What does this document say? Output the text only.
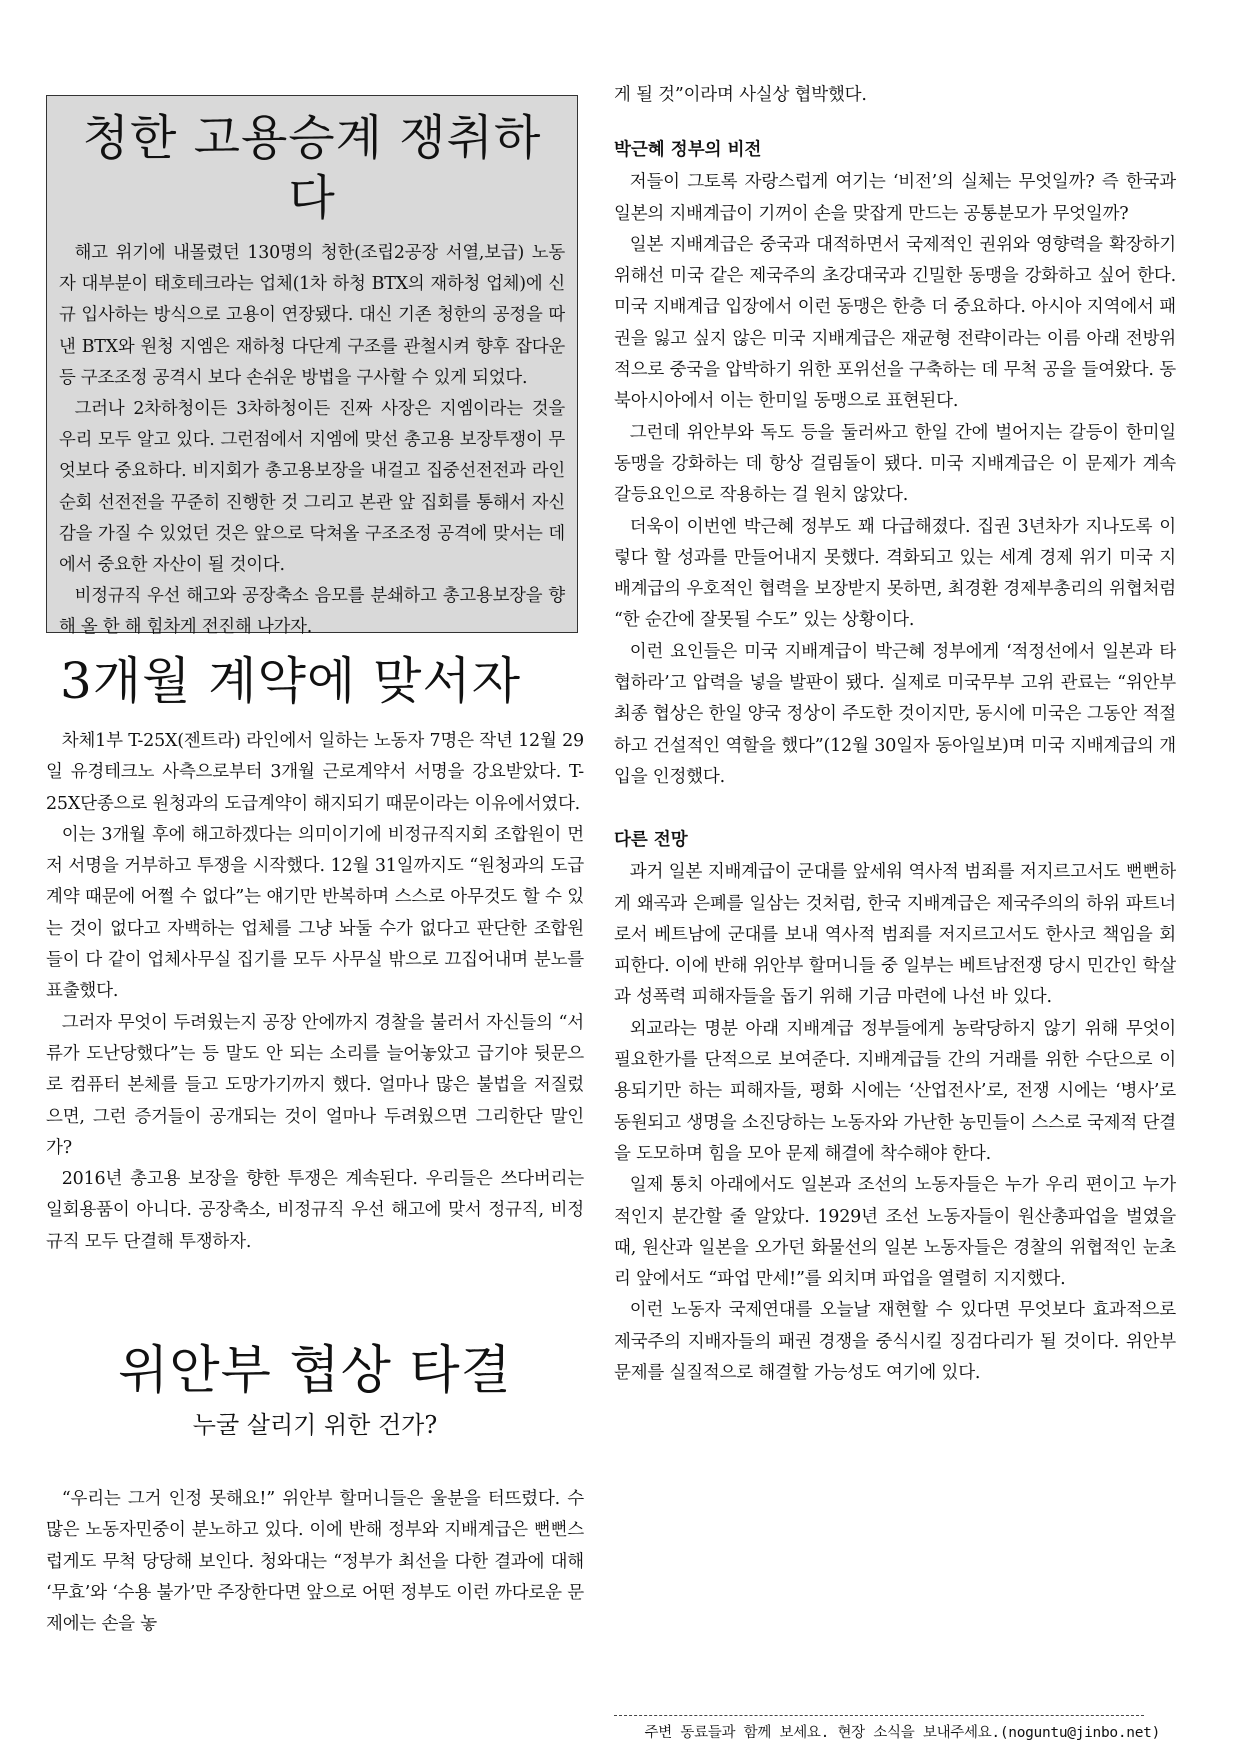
청한 고용승계 쟁취하다

해고 위기에 내몰렸던 130명의 청한(조립2공장 서열,보급) 노동자 대부분이 태호테크라는 업체(1차 하청 BTX의 재하청 업체)에 신규 입사하는 방식으로 고용이 연장됐다. 대신 기존 청한의 공정을 따낸 BTX와 원청 지엠은 재하청 다단계 구조를 관철시켜 향후 잡다운 등 구조조정 공격시 보다 손쉬운 방법을 구사할 수 있게 되었다.

그러나 2차하청이든 3차하청이든 진짜 사장은 지엠이라는 것을 우리 모두 알고 있다. 그런점에서 지엠에 맞선 총고용 보장투쟁이 무엇보다 중요하다. 비지회가 총고용보장을 내걸고 집중선전전과 라인순회 선전전을 꾸준히 진행한 것 그리고 본관 앞 집회를 통해서 자신감을 가질 수 있었던 것은 앞으로 닥쳐올 구조조정 공격에 맞서는 데에서 중요한 자산이 될 것이다.

비정규직 우선 해고와 공장축소 음모를 분쇄하고 총고용보장을 향해 올 한 해 힘차게 전진해 나가자.

3개월 계약에 맞서자

차체1부 T-25X(젠트라) 라인에서 일하는 노동자 7명은 작년 12월 29일 유경테크노 사측으로부터 3개월 근로계약서 서명을 강요받았다. T-25X단종으로 원청과의 도급계약이 해지되기 때문이라는 이유에서였다.

이는 3개월 후에 해고하겠다는 의미이기에 비정규직지회 조합원이 먼저 서명을 거부하고 투쟁을 시작했다. 12월 31일까지도 “원청과의 도급계약 때문에 어쩔 수 없다”는 얘기만 반복하며 스스로 아무것도 할 수 있는 것이 없다고 자백하는 업체를 그냥 놔둘 수가 없다고 판단한 조합원들이 다 같이 업체사무실 집기를 모두 사무실 밖으로 끄집어내며 분노를 표출했다.

그러자 무엇이 두려웠는지 공장 안에까지 경찰을 불러서 자신들의 “서류가 도난당했다”는 등 말도 안 되는 소리를 늘어놓았고 급기야 뒷문으로 컴퓨터 본체를 들고 도망가기까지 했다. 얼마나 많은 불법을 저질렀으면, 그런 증거들이 공개되는 것이 얼마나 두려웠으면 그리한단 말인가?

2016년 총고용 보장을 향한 투쟁은 계속된다. 우리들은 쓰다버리는 일회용품이 아니다. 공장축소, 비정규직 우선 해고에 맞서 정규직, 비정규직 모두 단결해 투쟁하자.

위안부 협상 타결
누굴 살리기 위한 건가?

“우리는 그거 인정 못해요!” 위안부 할머니들은 울분을 터뜨렸다. 수많은 노동자민중이 분노하고 있다. 이에 반해 정부와 지배계급은 뻔뻔스럽게도 무척 당당해 보인다. 청와대는 “정부가 최선을 다한 결과에 대해 ‘무효’와 ‘수용 불가’만 주장한다면 앞으로 어떤 정부도 이런 까다로운 문제에는 손을 놓

게 될 것”이라며 사실상 협박했다.

박근혜 정부의 비전

저들이 그토록 자랑스럽게 여기는 ‘비전’의 실체는 무엇일까? 즉 한국과 일본의 지배계급이 기꺼이 손을 맞잡게 만드는 공통분모가 무엇일까?

일본 지배계급은 중국과 대적하면서 국제적인 권위와 영향력을 확장하기 위해선 미국 같은 제국주의 초강대국과 긴밀한 동맹을 강화하고 싶어 한다. 미국 지배계급 입장에서 이런 동맹은 한층 더 중요하다. 아시아 지역에서 패권을 잃고 싶지 않은 미국 지배계급은 재균형 전략이라는 이름 아래 전방위적으로 중국을 압박하기 위한 포위선을 구축하는 데 무척 공을 들여왔다. 동북아시아에서 이는 한미일 동맹으로 표현된다.

그런데 위안부와 독도 등을 둘러싸고 한일 간에 벌어지는 갈등이 한미일 동맹을 강화하는 데 항상 걸림돌이 됐다. 미국 지배계급은 이 문제가 계속 갈등요인으로 작용하는 걸 원치 않았다.

더욱이 이번엔 박근혜 정부도 꽤 다급해졌다. 집권 3년차가 지나도록 이렇다 할 성과를 만들어내지 못했다. 격화되고 있는 세계 경제 위기 미국 지배계급의 우호적인 협력을 보장받지 못하면, 최경환 경제부총리의 위협처럼 “한 순간에 잘못될 수도” 있는 상황이다.

이런 요인들은 미국 지배계급이 박근혜 정부에게 ‘적정선에서 일본과 타협하라’고 압력을 넣을 발판이 됐다. 실제로 미국무부 고위 관료는 “위안부 최종 협상은 한일 양국 정상이 주도한 것이지만, 동시에 미국은 그동안 적절하고 건설적인 역할을 했다”(12월 30일자 동아일보)며 미국 지배계급의 개입을 인정했다.

다른 전망

과거 일본 지배계급이 군대를 앞세워 역사적 범죄를 저지르고서도 뻔뻔하게 왜곡과 은폐를 일삼는 것처럼, 한국 지배계급은 제국주의의 하위 파트너로서 베트남에 군대를 보내 역사적 범죄를 저지르고서도 한사코 책임을 회피한다. 이에 반해 위안부 할머니들 중 일부는 베트남전쟁 당시 민간인 학살과 성폭력 피해자들을 돕기 위해 기금 마련에 나선 바 있다.

외교라는 명분 아래 지배계급 정부들에게 농락당하지 않기 위해 무엇이 필요한가를 단적으로 보여준다. 지배계급들 간의 거래를 위한 수단으로 이용되기만 하는 피해자들, 평화 시에는 ‘산업전사’로, 전쟁 시에는 ‘병사’로 동원되고 생명을 소진당하는 노동자와 가난한 농민들이 스스로 국제적 단결을 도모하며 힘을 모아 문제 해결에 착수해야 한다.

일제 통치 아래에서도 일본과 조선의 노동자들은 누가 우리 편이고 누가 적인지 분간할 줄 알았다. 1929년 조선 노동자들이 원산총파업을 벌였을 때, 원산과 일본을 오가던 화물선의 일본 노동자들은 경찰의 위협적인 눈초리 앞에서도 “파업 만세!”를 외치며 파업을 열렬히 지지했다.

이런 노동자 국제연대를 오늘날 재현할 수 있다면 무엇보다 효과적으로 제국주의 지배자들의 패권 경쟁을 중식시킬 징검다리가 될 것이다. 위안부 문제를 실질적으로 해결할 가능성도 여기에 있다.

주변 동료들과 함께 보세요. 현장 소식을 보내주세요.(noguntu@jinbo.net)
